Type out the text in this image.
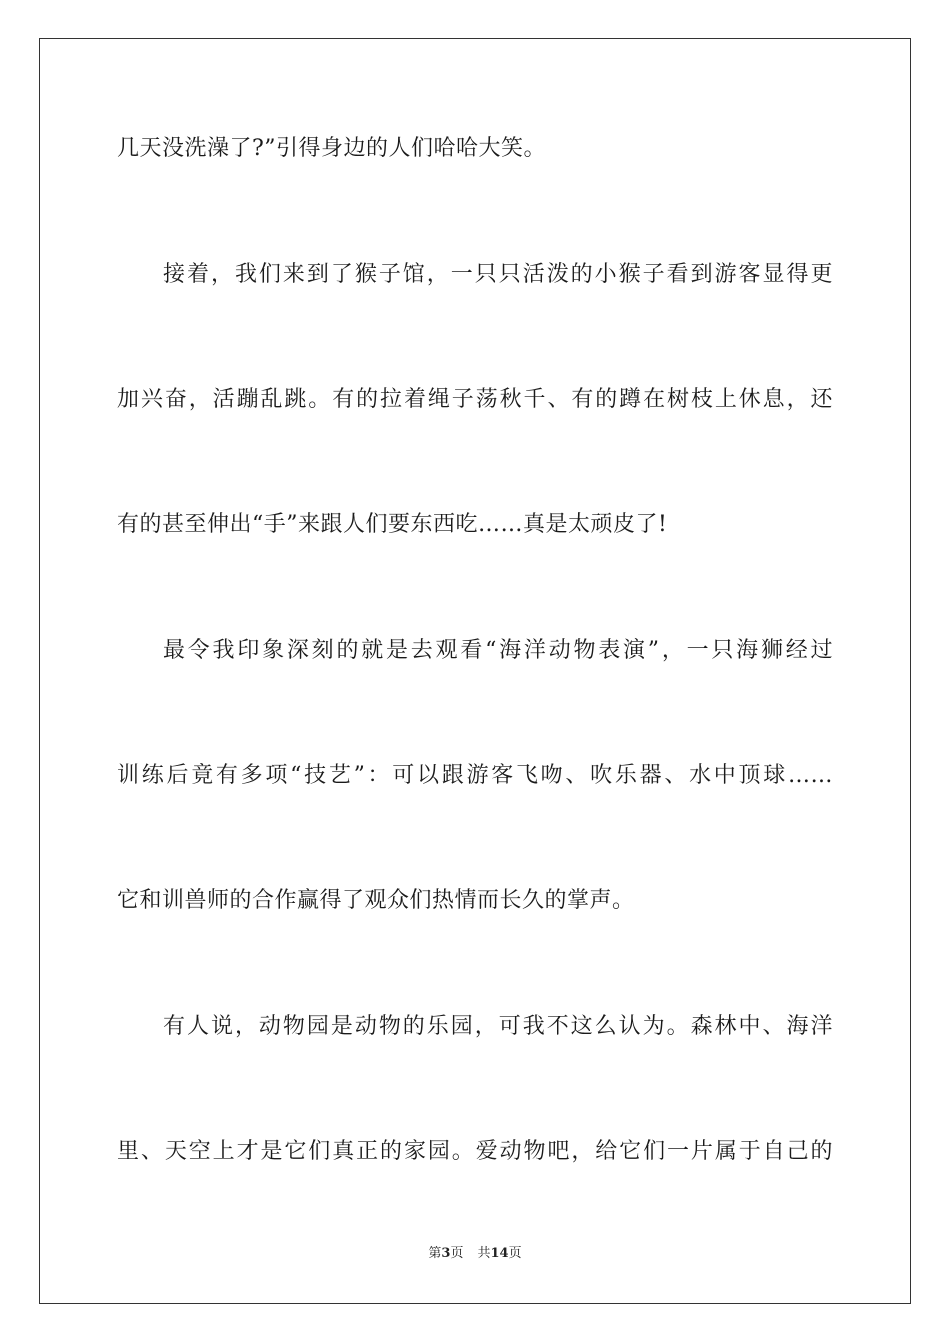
几天没洗澡了?”引得身边的人们哈哈大笑。
接着，我们来到了猴子馆，一只只活泼的小猴子看到游客显得更
加兴奋，活蹦乱跳。有的拉着绳子荡秋千、有的蹲在树枝上休息，还
有的甚至伸出“手”来跟人们要东西吃……真是太顽皮了!
最令我印象深刻的就是去观看“海洋动物表演”，一只海狮经过
训练后竟有多项“技艺”：可以跟游客飞吻、吹乐器、水中顶球……
它和训兽师的合作赢得了观众们热情而长久的掌声。
有人说，动物园是动物的乐园，可我不这么认为。森林中、海洋
里、天空上才是它们真正的家园。爱动物吧，给它们一片属于自己的
第3页 共14页
